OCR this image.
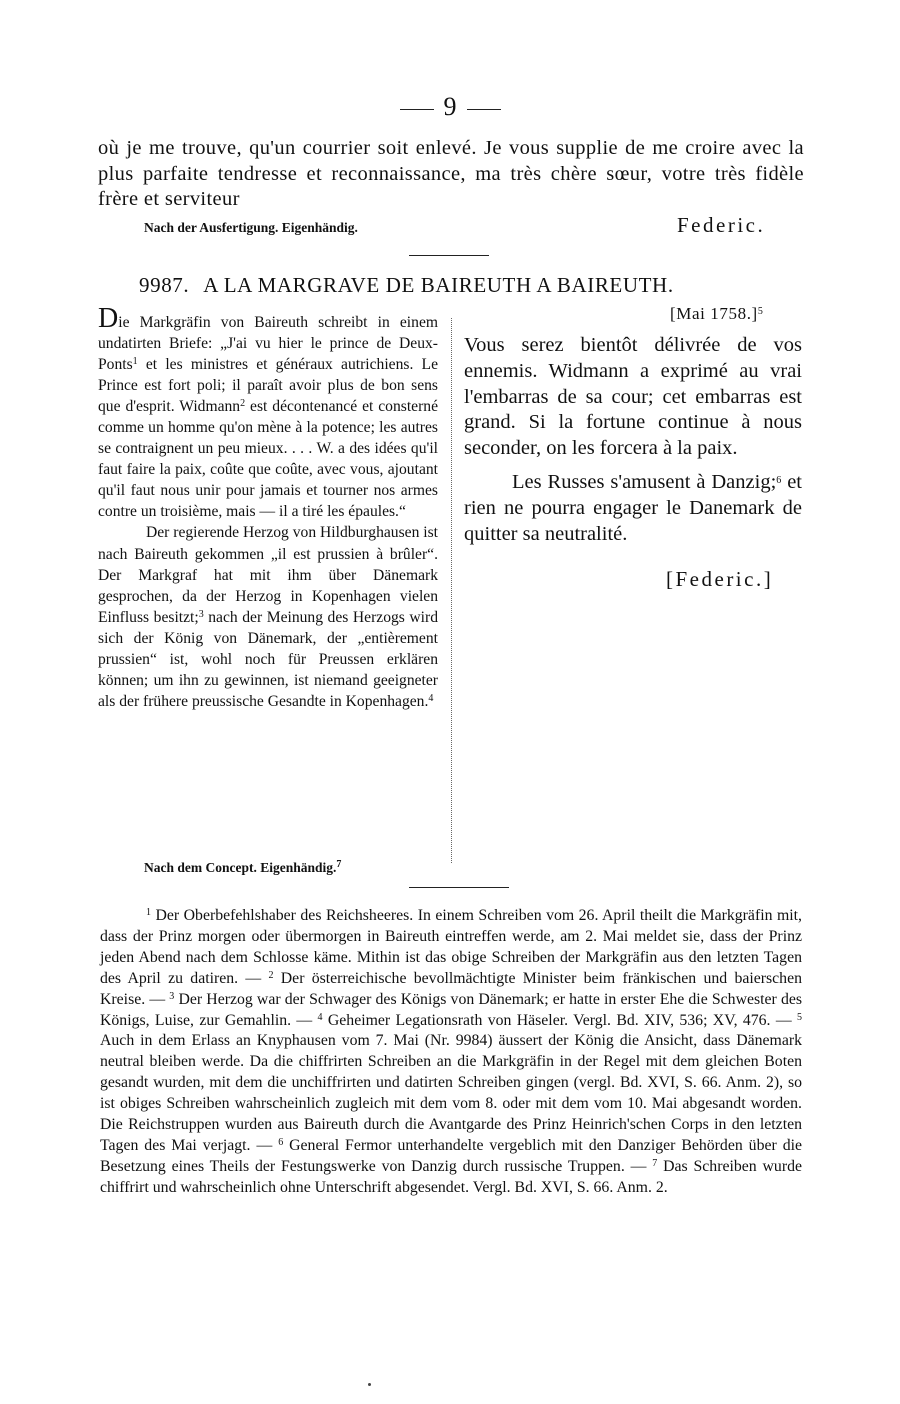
9
où je me trouve, qu'un courrier soit enlevé. Je vous supplie de me croire avec la plus parfaite tendresse et reconnaissance, ma très chère sœur, votre très fidèle frère et serviteur
Nach der Ausfertigung. Eigenhändig.	Federic.
9987. A LA MARGRAVE DE BAIREUTH A BAIREUTH.

Die Markgräfin von Baireuth schreibt in einem undatirten Briefe: „J'ai vu hier le prince de Deux-Ponts$^1$ et les ministres et généraux autrichiens. Le Prince est fort poli; il paraît avoir plus de bon sens que d'esprit. Widmann$^2$ est décontenancé et consterné comme un homme qu'on mène à la potence; les autres se contraignent un peu mieux. . . . W. a des idées qu'il faut faire la paix, coûte que coûte, avec vous, ajoutant qu'il faut nous unir pour jamais et tourner nos armes contre un troisième, mais — il a tiré les épaules.“

Der regierende Herzog von Hildburghausen ist nach Baireuth gekommen „il est prussien à brûler“. Der Markgraf hat mit ihm über Dänemark gesprochen, da der Herzog in Kopenhagen vielen Einfluss besitzt;$^3$ nach der Meinung des Herzogs wird sich der König von Dänemark, der „entièrement prussien“ ist, wohl noch für Preussen erklären können; um ihn zu gewinnen, ist niemand geeigneter als der frühere preussische Gesandte in Kopenhagen.$^4$

Nach dem Concept. Eigenhändig.$^7$
[Mai 1758.]$^5$

Vous serez bientôt délivrée de vos ennemis. Widmann a exprimé au vrai l'embarras de sa cour; cet embarras est grand. Si la fortune continue à nous seconder, on les forcera à la paix.

Les Russes s'amusent à Danzig;$^6$ et rien ne pourra engager le Danemark de quitter sa neutralité.

[Federic.]
$^1$ Der Oberbefehlshaber des Reichsheeres. In einem Schreiben vom 26. April theilt die Markgräfin mit, dass der Prinz morgen oder übermorgen in Baireuth eintreffen werde, am 2. Mai meldet sie, dass der Prinz jeden Abend nach dem Schlosse käme. Mithin ist das obige Schreiben der Markgräfin aus den letzten Tagen des April zu datiren. — $^2$ Der österreichische bevollmächtigte Minister beim fränkischen und baierschen Kreise. — $^3$ Der Herzog war der Schwager des Königs von Dänemark; er hatte in erster Ehe die Schwester des Königs, Luise, zur Gemahlin. — $^4$ Geheimer Legationsrath von Häseler. Vergl. Bd. XIV, 536; XV, 476. — $^5$ Auch in dem Erlass an Knyphausen vom 7. Mai (Nr. 9984) äussert der König die Ansicht, dass Dänemark neutral bleiben werde. Da die chiffrirten Schreiben an die Markgräfin in der Regel mit dem gleichen Boten gesandt wurden, mit dem die unchiffrirten und datirten Schreiben gingen (vergl. Bd. XVI, S. 66. Anm. 2), so ist obiges Schreiben wahrscheinlich zugleich mit dem vom 8. oder mit dem vom 10. Mai abgesandt worden. Die Reichstruppen wurden aus Baireuth durch die Avantgarde des Prinz Heinrich'schen Corps in den letzten Tagen des Mai verjagt. — $^6$ General Fermor unterhandelte vergeblich mit den Danziger Behörden über die Besetzung eines Theils der Festungswerke von Danzig durch russische Truppen. — $^7$ Das Schreiben wurde chiffrirt und wahrscheinlich ohne Unterschrift abgesendet. Vergl. Bd. XVI, S. 66. Anm. 2.
